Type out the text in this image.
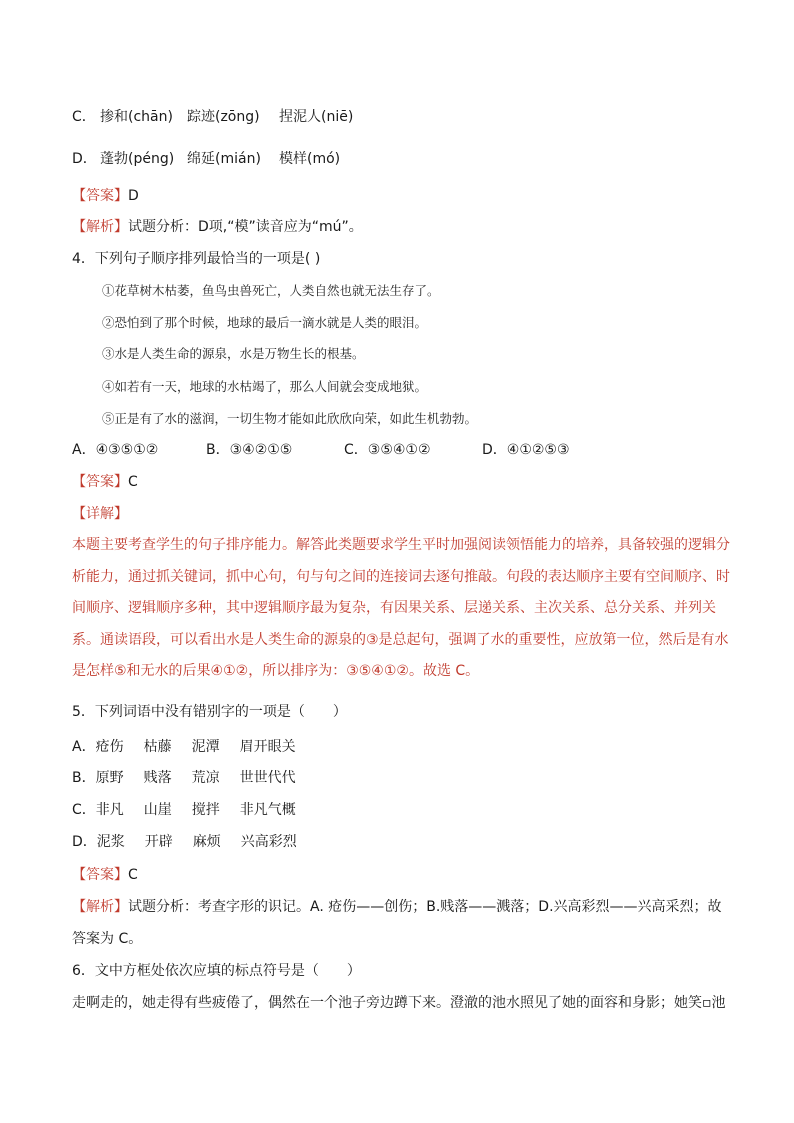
C． 掺和(chān) 踪迹(zōng) 捏泥人(niē)
D． 蓬勃(péng) 绵延(mián) 模样(mó)
【答案】D
【解析】试题分析：D项,“模”读音应为“mú”。
4．下列句子顺序排列最恰当的一项是( )
①花草树木枯萎，鱼鸟虫兽死亡，人类自然也就无法生存了。
②恐怕到了那个时候，地球的最后一滴水就是人类的眼泪。
③水是人类生命的源泉，水是万物生长的根基。
④如若有一天，地球的水枯竭了，那么人间就会变成地狱。
⑤正是有了水的滋润，一切生物才能如此欣欣向荣，如此生机勃勃。
A．④③⑤①②	B．③④②①⑤	C．③⑤④①②	D．④①②⑤③
【答案】C
【详解】
本题主要考查学生的句子排序能力。解答此类题要求学生平时加强阅读领悟能力的培养，具备较强的逻辑分析能力，通过抓关键词，抓中心句，句与句之间的连接词去逐句推敲。句段的表达顺序主要有空间顺序、时间顺序、逻辑顺序多种，其中逻辑顺序最为复杂，有因果关系、层递关系、主次关系、总分关系、并列关系。通读语段，可以看出水是人类生命的源泉的③是总起句，强调了水的重要性，应放第一位，然后是有水是怎样⑤和无水的后果④①②，所以排序为：③⑤④①②。故选 C。
5．下列词语中没有错别字的一项是（　　）
A．疮伤 枯藤 泥潭 眉开眼关
B．原野 贱落 荒凉 世世代代
C．非凡 山崖 搅拌 非凡气概
D．泥浆 开辟 麻烦 兴高彩烈
【答案】C
【解析】试题分析：考查字形的识记。A. 疮伤——创伤；B.贱落——溅落；D.兴高彩烈——兴高采烈；故
答案为 C。
6．文中方框处依次应填的标点符号是（　　）
走啊走的，她走得有些疲倦了，偶然在一个池子旁边蹲下来。澄澈的池水照见了她的面容和身影；她笑▫池
